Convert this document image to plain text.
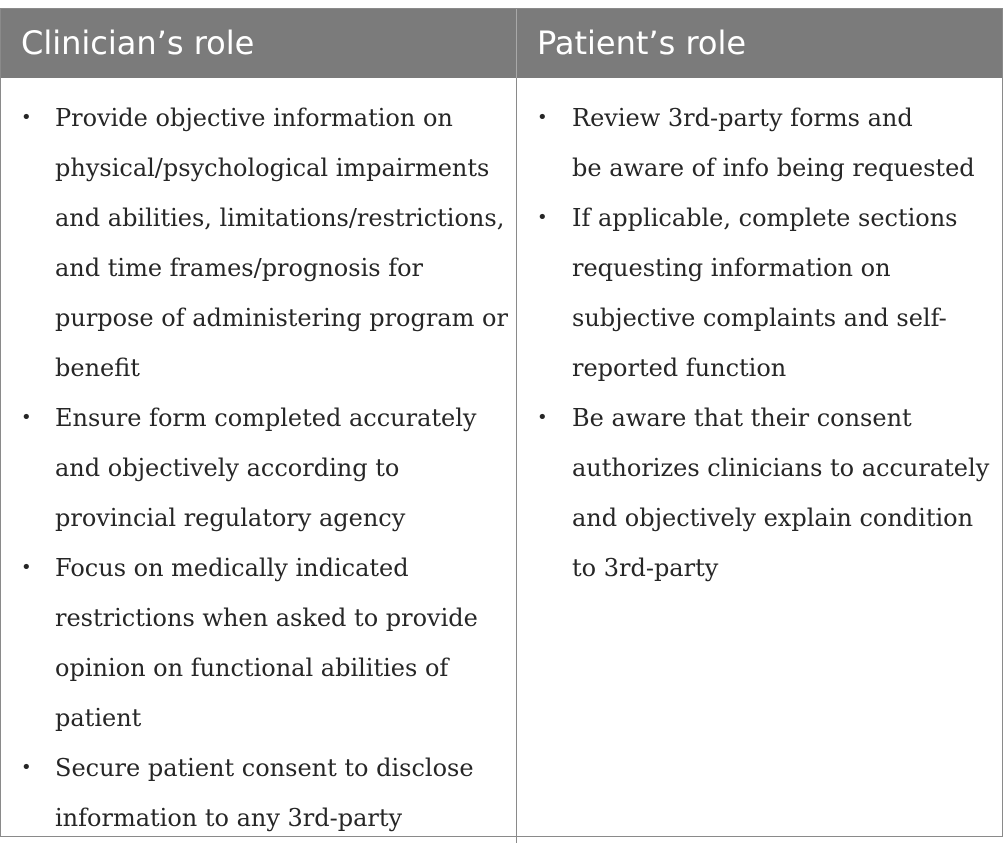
Clinician’s role	Patient’s role
• Provide objective information on
physical/psychological impairments
and abilities, limitations/restrictions,
and time frames/prognosis for
purpose of administering program or
benefit
• Ensure form completed accurately
and objectively according to
provincial regulatory agency
• Focus on medically indicated
restrictions when asked to provide
opinion on functional abilities of
patient
• Secure patient consent to disclose
information to any 3rd-party
• Review 3rd-party forms and
be aware of info being requested
• If applicable, complete sections
requesting information on
subjective complaints and self-
reported function
• Be aware that their consent
authorizes clinicians to accurately
and objectively explain condition
to 3rd-party
